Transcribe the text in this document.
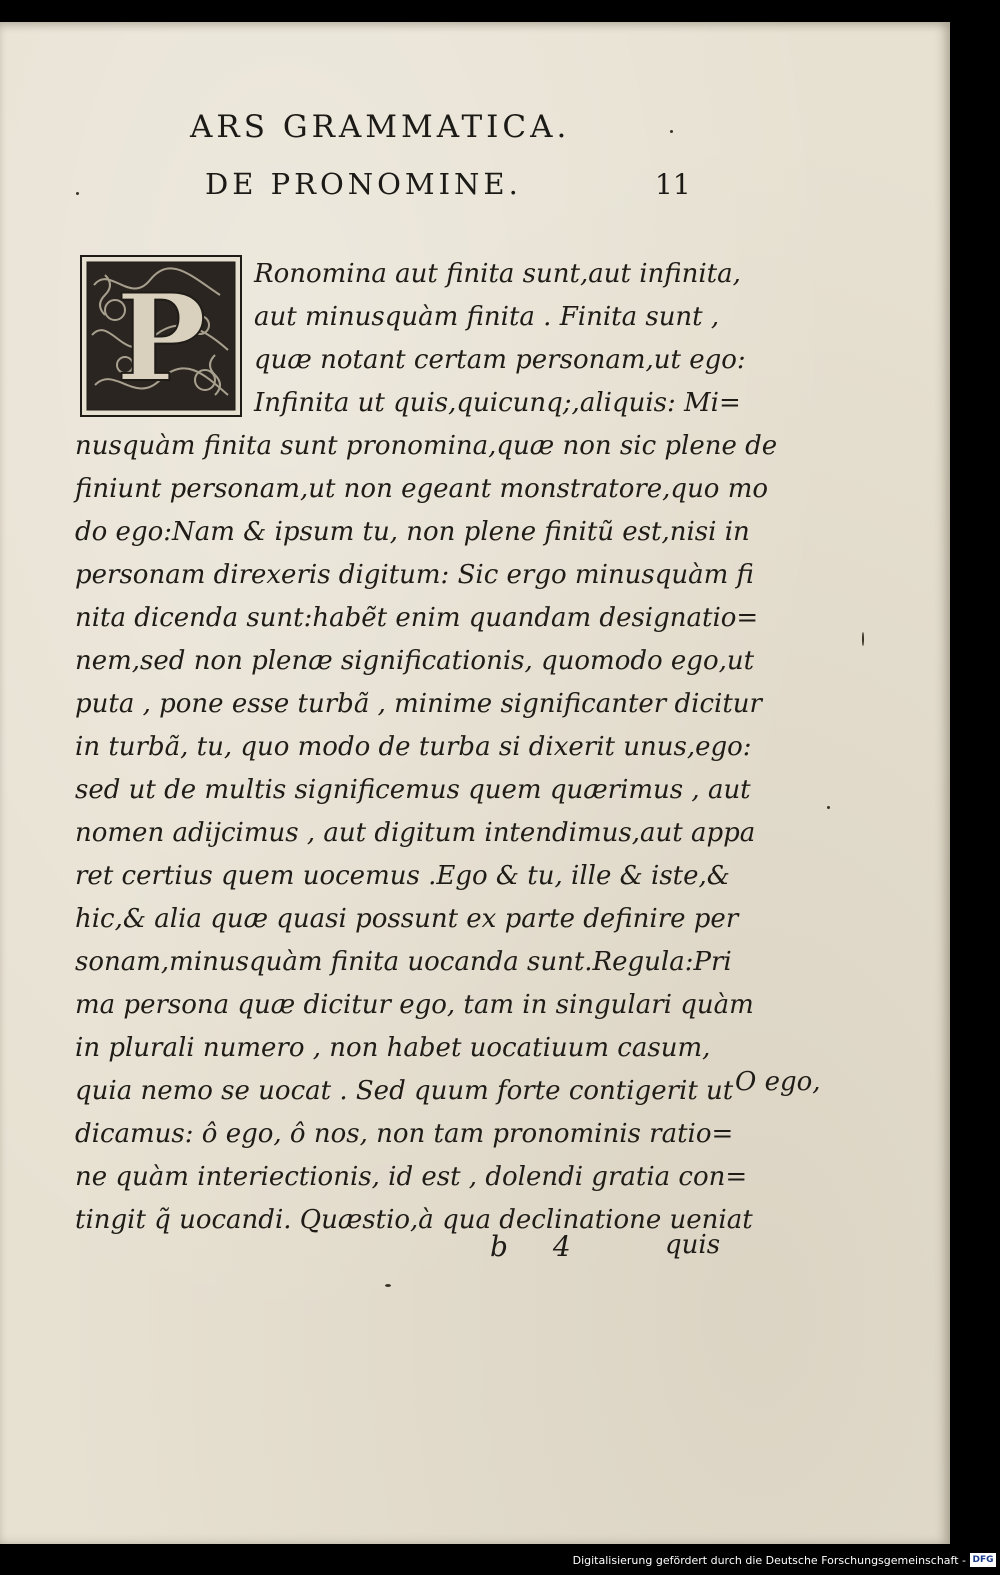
ARS GRAMMATICA.
DE PRONOMINE.	11
P Ronomina aut finita sunt,aut infinita,
aut minusquàm finita . Finita sunt ,
quæ notant certam personam,ut ego:
Infinita ut quis,quicunq;,aliquis: Mi=
nusquàm finita sunt pronomina,quæ non sic plene de
finiunt personam,ut non egeant monstratore,quo mo
do ego:Nam & ipsum tu, non plene finitũ est,nisi in
personam direxeris digitum: Sic ergo minusquàm fi
nita dicenda sunt:habẽt enim quandam designatio=
nem,sed non plenæ significationis, quomodo ego,ut
puta , pone esse turbã , minime significanter dicitur
in turbã, tu, quo modo de turba si dixerit unus,ego:
sed ut de multis significemus quem quærimus , aut
nomen adijcimus , aut digitum intendimus,aut appa
ret certius quem uocemus .Ego & tu, ille & iste,&
hic,& alia quæ quasi possunt ex parte definire per
sonam,minusquàm finita uocanda sunt.Regula:Pri
ma persona quæ dicitur ego, tam in singulari quàm
in plurali numero , non habet uocatiuum casum,
quia nemo se uocat . Sed quum forte contigerit ut
dicamus: ô ego, ô nos, non tam pronominis ratio=
ne quàm interiectionis, id est , dolendi gratia con=
tingit q̃ uocandi. Quæstio,à qua declinatione ueniat
O ego,
b 4	quis
Digitalisierung gefördert durch die Deutsche Forschungsgemeinschaft - DFG
